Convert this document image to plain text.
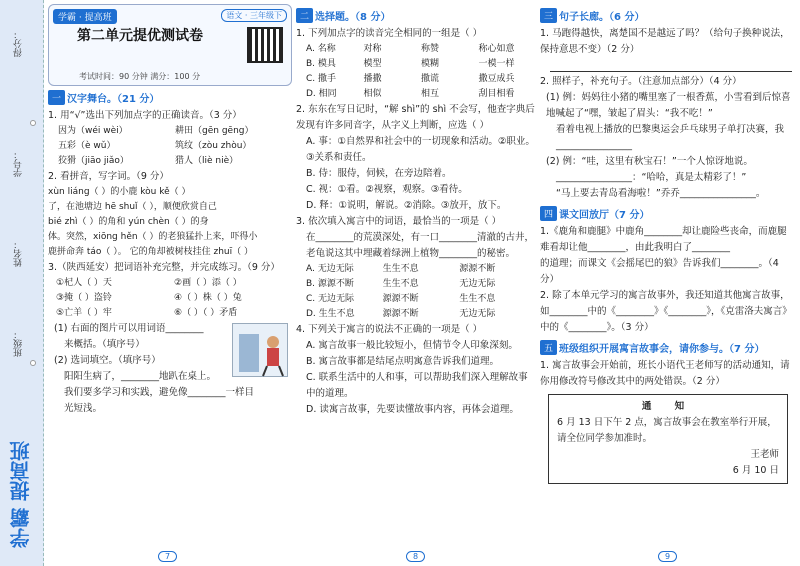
得分：
学号：
姓名：
班级：
学霸 提高班
学霸 · 提高班	语文 · 三年级下
第二单元提优测试卷
考试时间：90 分钟 满分：100 分
一 汉字舞台。（21 分）
1. 用“√”选出下列加点字的正确读音。（3 分）
因为（wéi wèi）	耕田（gēn gēng）
五彩（è wǔ）	筑纹（zòu zhòu）
狡猾（jiāo jiǎo）	猎人（liè niè）
2. 看拼音，写字词。（9 分）
xùn liáng（ ）的小鹿 kòu kě（ ）
了，在池塘边 hē shuǐ（ ），顺便欣赏自己
bié zhì（ ）的角和 yún chèn（ ）的身
体。突然，xiōng hěn（ ）的老狼猛扑上来，吓得小
鹿拼命奔 táo（ ）。 它的角却被树枝挂住 zhuī（ ）
3.（陕西延安）把词语补充完整，并完成练习。（9 分）
①杞人（ ）天	②画（ ）添（ ）
③掩（ ）盗铃	④（ ）株（ ）兔
⑤亡羊（ ）牢	⑥（ ）（ ）矛盾
(1) 右面的图片可以用词语________
来概括。（填序号）
(2) 选词填空。（填序号）
阳阳生病了，________地趴在桌上。
我们要多学习和实践，避免像________一样目
光短浅。
7
二 选择题。（8 分）
1. 下列加点字的读音完全相同的一组是（ ）
A. 名称	对称	称赞	称心如意
B. 模具	模型	模糊	一模一样
C. 撒手	播撒	撒谎	撒豆成兵
D. 相同	相似	相互	刮目相看
2. 东东在写日记时，“解 shì”的 shì 不会写，他查字典后发现有许多同音字，从字义上判断，应选（ ）
A. 事：①自然界和社会中的一切现象和活动。②职业。③关系和责任。
B. 侍：服侍，伺候，在旁边陪着。
C. 视：①看。②视察，观察。③看待。
D. 释：①说明，解说。②消除。③放开，放下。
3. 依次填入寓言中的词语，最恰当的一项是（ ）
在________的荒漠深处，有一口________清澈的古井，老龟说这其中埋藏着绿洲上植物________的秘密。
A. 无边无际	生生不息	源源不断
B. 源源不断	生生不息	无边无际
C. 无边无际	源源不断	生生不息
D. 生生不息	源源不断	无边无际
4. 下列关于寓言的说法不正确的一项是（ ）
A. 寓言故事一般比较短小，但情节令人印象深刻。
B. 寓言故事都是结尾点明寓意告诉我们道理。
C. 联系生活中的人和事，可以帮助我们深入理解故事中的道理。
D. 读寓言故事，先要读懂故事内容，再体会道理。
8
三 句子长廊。（6 分）
1. 马跑得越快，离楚国不是越远了吗？（给句子换种说法，保持意思不变）（2 分）
2. 照样子，补充句子。（注意加点部分）（4 分）
(1) 例：妈妈往小猪的嘴里塞了一根香蕉，小雪看到后惊喜地喊起了“嘿，皱起了眉头：“我不吃！”
看着电视上播放的巴黎奥运会乒乓球男子单打决赛，我________________
(2) 例：“哇，这里有秋宝石！”一个人惊讶地说。
________________：“哈哈，真是太精彩了！”
“马上要去青岛看海啦！”乔乔________________。
四 课文回放厅（7 分）
1.《鹿角和鹿腿》中鹿角________却让鹿险些丧命，而鹿腿难看却让他________，由此我明白了________
的道理；而课文《会摇尾巴的狼》告诉我们________。（4 分）
2. 除了本单元学习的寓言故事外，我还知道其他寓言故事，如________中的《________》《________》，《克雷洛夫寓言》中的《________》。（3 分）
五 班级组织开展寓言故事会，请你参与。（7 分）
1. 寓言故事会开始前，班长小语代王老师写的活动通知，请你用修改符号修改其中的两处错误。（2 分）
通 知
6 月 13 日下午 2 点，寓言故事会在教室举行开展，请全位同学参加准时。
王老师
6 月 10 日
9
